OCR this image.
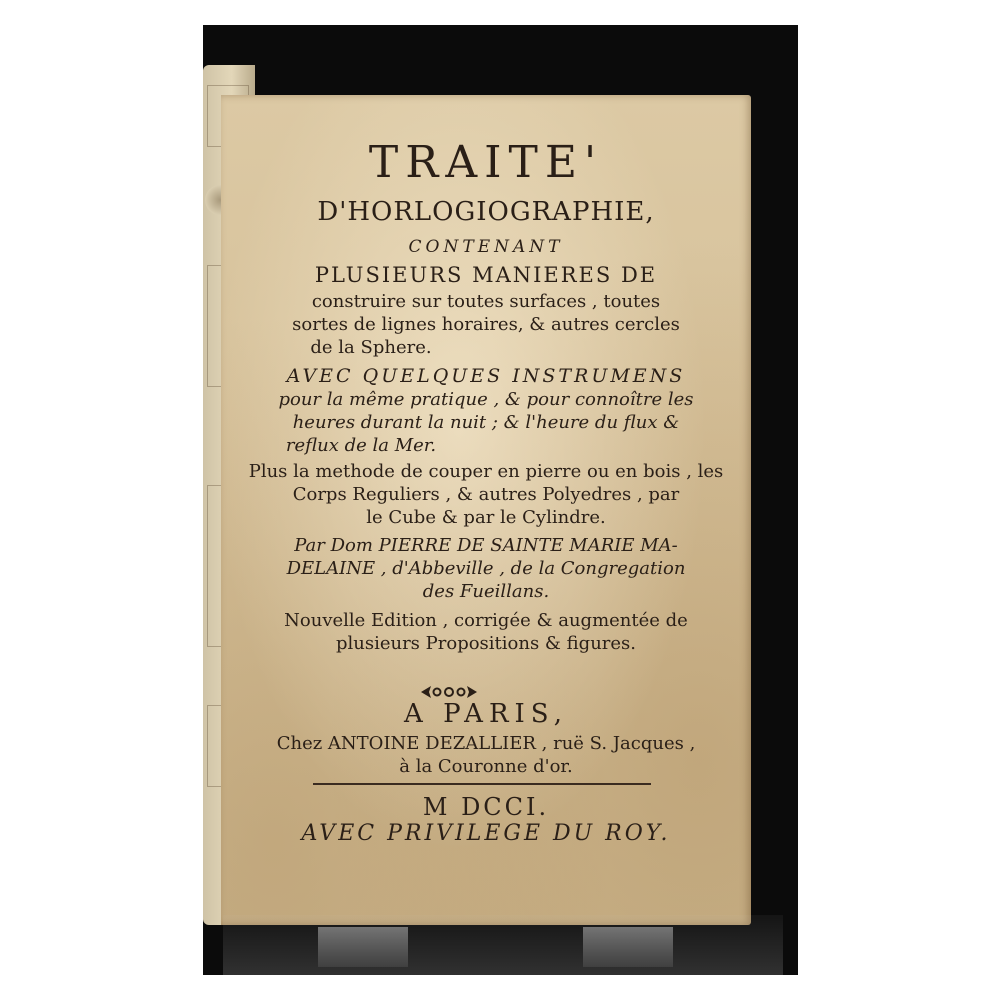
TRAITE'
D'HORLOGIOGRAPHIE,
CONTENANT
PLUSIEURS MANIERES DE
construire sur toutes surfaces , toutes
sortes de lignes horaires, & autres cercles
de la Sphere.
AVEC QUELQUES INSTRUMENS
pour la même pratique , & pour connoître les
heures durant la nuit ; & l'heure du flux &
reflux de la Mer.
Plus la methode de couper en pierre ou en bois , les
Corps Reguliers , & autres Polyedres , par
le Cube & par le Cylindre.
Par Dom PIERRE DE SAINTE MARIE MA-
DELAINE , d'Abbeville , de la Congregation
des Fueillans.
Nouvelle Edition , corrigée & augmentée de
plusieurs Propositions & figures.
A PARIS,
Chez ANTOINE DEZALLIER , ruë S. Jacques ,
à la Couronne d'or.
M DCCI.
AVEC PRIVILEGE DU ROY.
